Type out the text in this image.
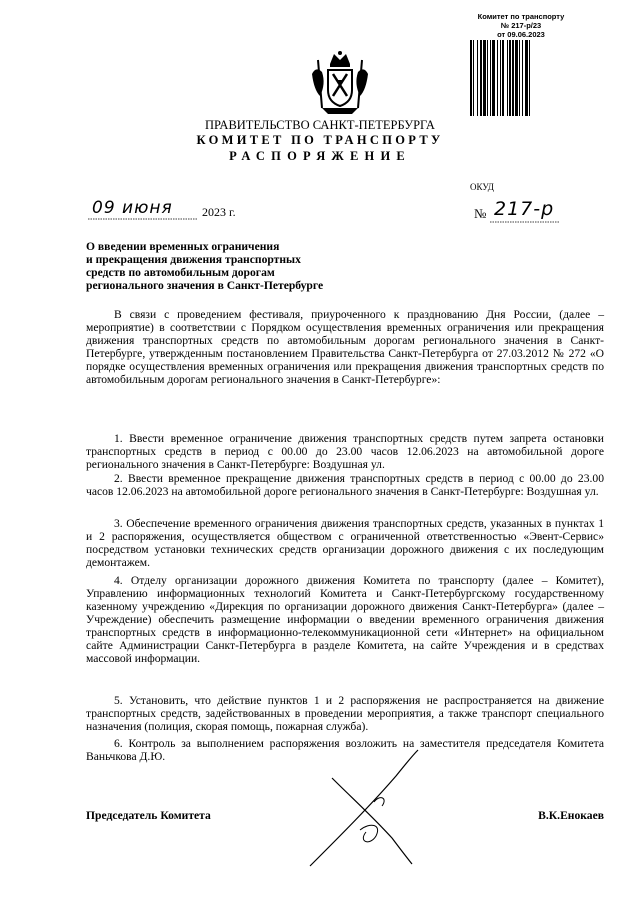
Комитет по транспорту
№ 217-р/23
от 09.06.2023
ПРАВИТЕЛЬСТВО САНКТ-ПЕТЕРБУРГА
КОМИТЕТ ПО ТРАНСПОРТУ
РАСПОРЯЖЕНИЕ
ОКУД
09 июня 2023 г.	№ 217-р
О введении временных ограничения
и прекращения движения транспортных
средств по автомобильным дорогам
регионального значения в Санкт-Петербурге
В связи с проведением фестиваля, приуроченного к празднованию Дня России, (далее – мероприятие) в соответствии с Порядком осуществления временных ограничения или прекращения движения транспортных средств по автомобильным дорогам регионального значения в Санкт-Петербурге, утвержденным постановлением Правительства Санкт-Петербурга от 27.03.2012 № 272 «О порядке осуществления временных ограничения или прекращения движения транспортных средств по автомобильным дорогам регионального значения в Санкт-Петербурге»:
1. Ввести временное ограничение движения транспортных средств путем запрета остановки транспортных средств в период с 00.00 до 23.00 часов 12.06.2023 на автомобильной дороге регионального значения в Санкт-Петербурге: Воздушная ул.
2. Ввести временное прекращение движения транспортных средств в период с 00.00 до 23.00 часов 12.06.2023 на автомобильной дороге регионального значения в Санкт-Петербурге: Воздушная ул.
3. Обеспечение временного ограничения движения транспортных средств, указанных в пунктах 1 и 2 распоряжения, осуществляется обществом с ограниченной ответственностью «Эвент-Сервис» посредством установки технических средств организации дорожного движения с их последующим демонтажем.
4. Отделу организации дорожного движения Комитета по транспорту (далее – Комитет), Управлению информационных технологий Комитета и Санкт-Петербургскому государственному казенному учреждению «Дирекция по организации дорожного движения Санкт-Петербурга» (далее – Учреждение) обеспечить размещение информации о введении временного ограничения движения транспортных средств в информационно-телекоммуникационной сети «Интернет» на официальном сайте Администрации Санкт-Петербурга в разделе Комитета, на сайте Учреждения и в средствах массовой информации.
5. Установить, что действие пунктов 1 и 2 распоряжения не распространяется на движение транспортных средств, задействованных в проведении мероприятия, а также транспорт специального назначения (полиция, скорая помощь, пожарная служба).
6. Контроль за выполнением распоряжения возложить на заместителя председателя Комитета Ваньчкова Д.Ю.
Председатель Комитета	В.К.Енокаев
